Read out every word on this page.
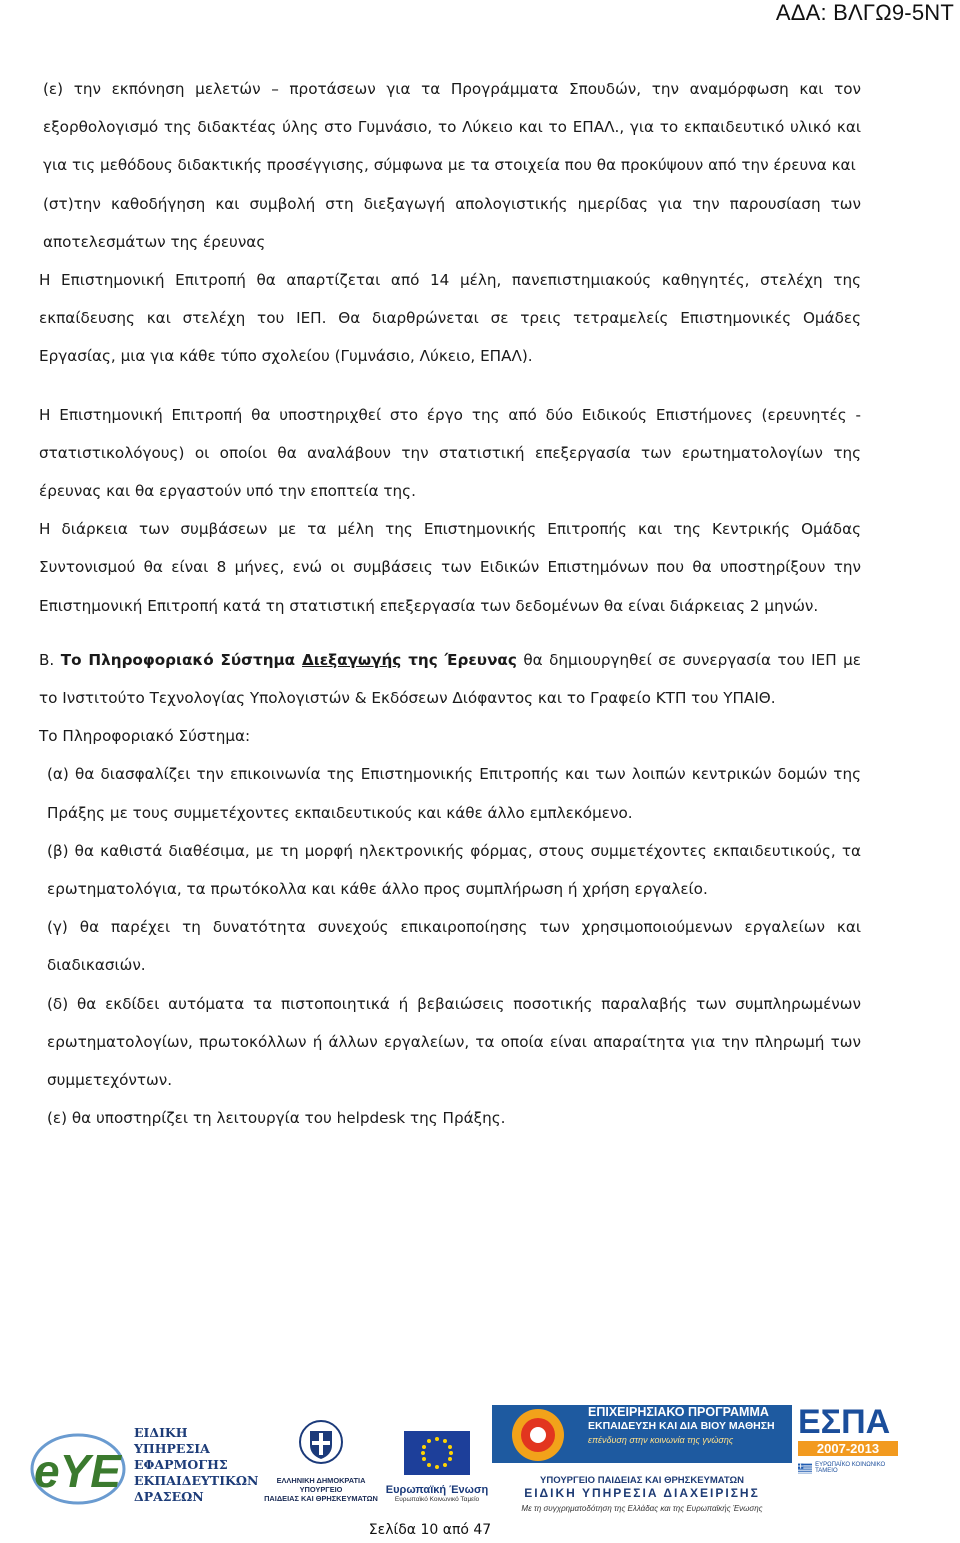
ΑΔΑ: ΒΛΓΩ9-5ΝΤ

(ε) την εκπόνηση μελετών – προτάσεων για τα Προγράμματα Σπουδών, την αναμόρφωση και τον εξορθολογισμό της διδακτέας ύλης στο Γυμνάσιο, το Λύκειο και το ΕΠΑΛ., για το εκπαιδευτικό υλικό και για τις μεθόδους διδακτικής προσέγγισης, σύμφωνα με τα στοιχεία που θα προκύψουν από την έρευνα και

(στ)την καθοδήγηση και συμβολή στη διεξαγωγή απολογιστικής ημερίδας για την παρουσίαση των αποτελεσμάτων της έρευνας

Η Επιστημονική Επιτροπή θα απαρτίζεται από 14 μέλη, πανεπιστημιακούς καθηγητές, στελέχη της εκπαίδευσης και στελέχη του ΙΕΠ. Θα διαρθρώνεται σε τρεις τετραμελείς Επιστημονικές Ομάδες Εργασίας, μια για κάθε τύπο σχολείου (Γυμνάσιο, Λύκειο, ΕΠΑΛ).

Η Επιστημονική Επιτροπή θα υποστηριχθεί στο έργο της από δύο Ειδικούς Επιστήμονες (ερευνητές - στατιστικολόγους) οι οποίοι θα αναλάβουν την στατιστική επεξεργασία των ερωτηματολογίων της έρευνας και θα εργαστούν υπό την εποπτεία της.

Η διάρκεια των συμβάσεων με τα μέλη της Επιστημονικής Επιτροπής και της Κεντρικής Ομάδας Συντονισμού θα είναι 8 μήνες, ενώ οι συμβάσεις των Ειδικών Επιστημόνων που θα υποστηρίξουν την Επιστημονική Επιτροπή κατά τη στατιστική επεξεργασία των δεδομένων θα είναι διάρκειας 2 μηνών.

Β. Το Πληροφοριακό Σύστημα Διεξαγωγής της Έρευνας θα δημιουργηθεί σε συνεργασία του ΙΕΠ με το Ινστιτούτο Τεχνολογίας Υπολογιστών & Εκδόσεων Διόφαντος και το Γραφείο ΚΤΠ του ΥΠΑΙΘ.

Το Πληροφοριακό Σύστημα:

(α) θα διασφαλίζει την επικοινωνία της Επιστημονικής Επιτροπής και των λοιπών κεντρικών δομών της Πράξης με τους συμμετέχοντες εκπαιδευτικούς και κάθε άλλο εμπλεκόμενο.

(β) θα καθιστά διαθέσιμα, με τη μορφή ηλεκτρονικής φόρμας, στους συμμετέχοντες εκπαιδευτικούς, τα ερωτηματολόγια, τα πρωτόκολλα και κάθε άλλο προς συμπλήρωση ή χρήση εργαλείο.

(γ) θα παρέχει τη δυνατότητα συνεχούς επικαιροποίησης των χρησιμοποιούμενων εργαλείων και διαδικασιών.

(δ) θα εκδίδει αυτόματα τα πιστοποιητικά ή βεβαιώσεις ποσοτικής παραλαβής των συμπληρωμένων ερωτηματολογίων, πρωτοκόλλων ή άλλων εργαλείων, τα οποία είναι απαραίτητα για την πληρωμή των συμμετεχόντων.

(ε) θα υποστηρίζει τη λειτουργία του helpdesk της Πράξης.

eYE
ΕΙΔΙΚΗ
ΥΠΗΡΕΣΙΑ
ΕΦΑΡΜΟΓΗΣ
ΕΚΠΑΙΔΕΥΤΙΚΩΝ
ΔΡΑΣΕΩΝ
ΕΛΛΗΝΙΚΗ ΔΗΜΟΚΡΑΤΙΑ
ΥΠΟΥΡΓΕΙΟ
ΠΑΙΔΕΙΑΣ ΚΑΙ ΘΡΗΣΚΕΥΜΑΤΩΝ
Ευρωπαϊκή Ένωση
Ευρωπαϊκό Κοινωνικό Ταμείο
ΕΠΙΧΕΙΡΗΣΙΑΚΟ ΠΡΟΓΡΑΜΜΑ
ΕΚΠΑΙΔΕΥΣΗ ΚΑΙ ΔΙΑ ΒΙΟΥ ΜΑΘΗΣΗ
επένδυση στην κοινωνία της γνώσης
ΥΠΟΥΡΓΕΙΟ ΠΑΙΔΕΙΑΣ ΚΑΙ ΘΡΗΣΚΕΥΜΑΤΩΝ
ΕΙΔΙΚΗ ΥΠΗΡΕΣΙΑ ΔΙΑΧΕΙΡΙΣΗΣ
Με τη συγχρηματοδότηση της Ελλάδας και της Ευρωπαϊκής Ένωσης
ΕΣΠΑ
2007-2013
ΕΥΡΩΠΑΪΚΟ ΚΟΙΝΩΝΙΚΟ ΤΑΜΕΙΟ
Σελίδα 10 από 47
